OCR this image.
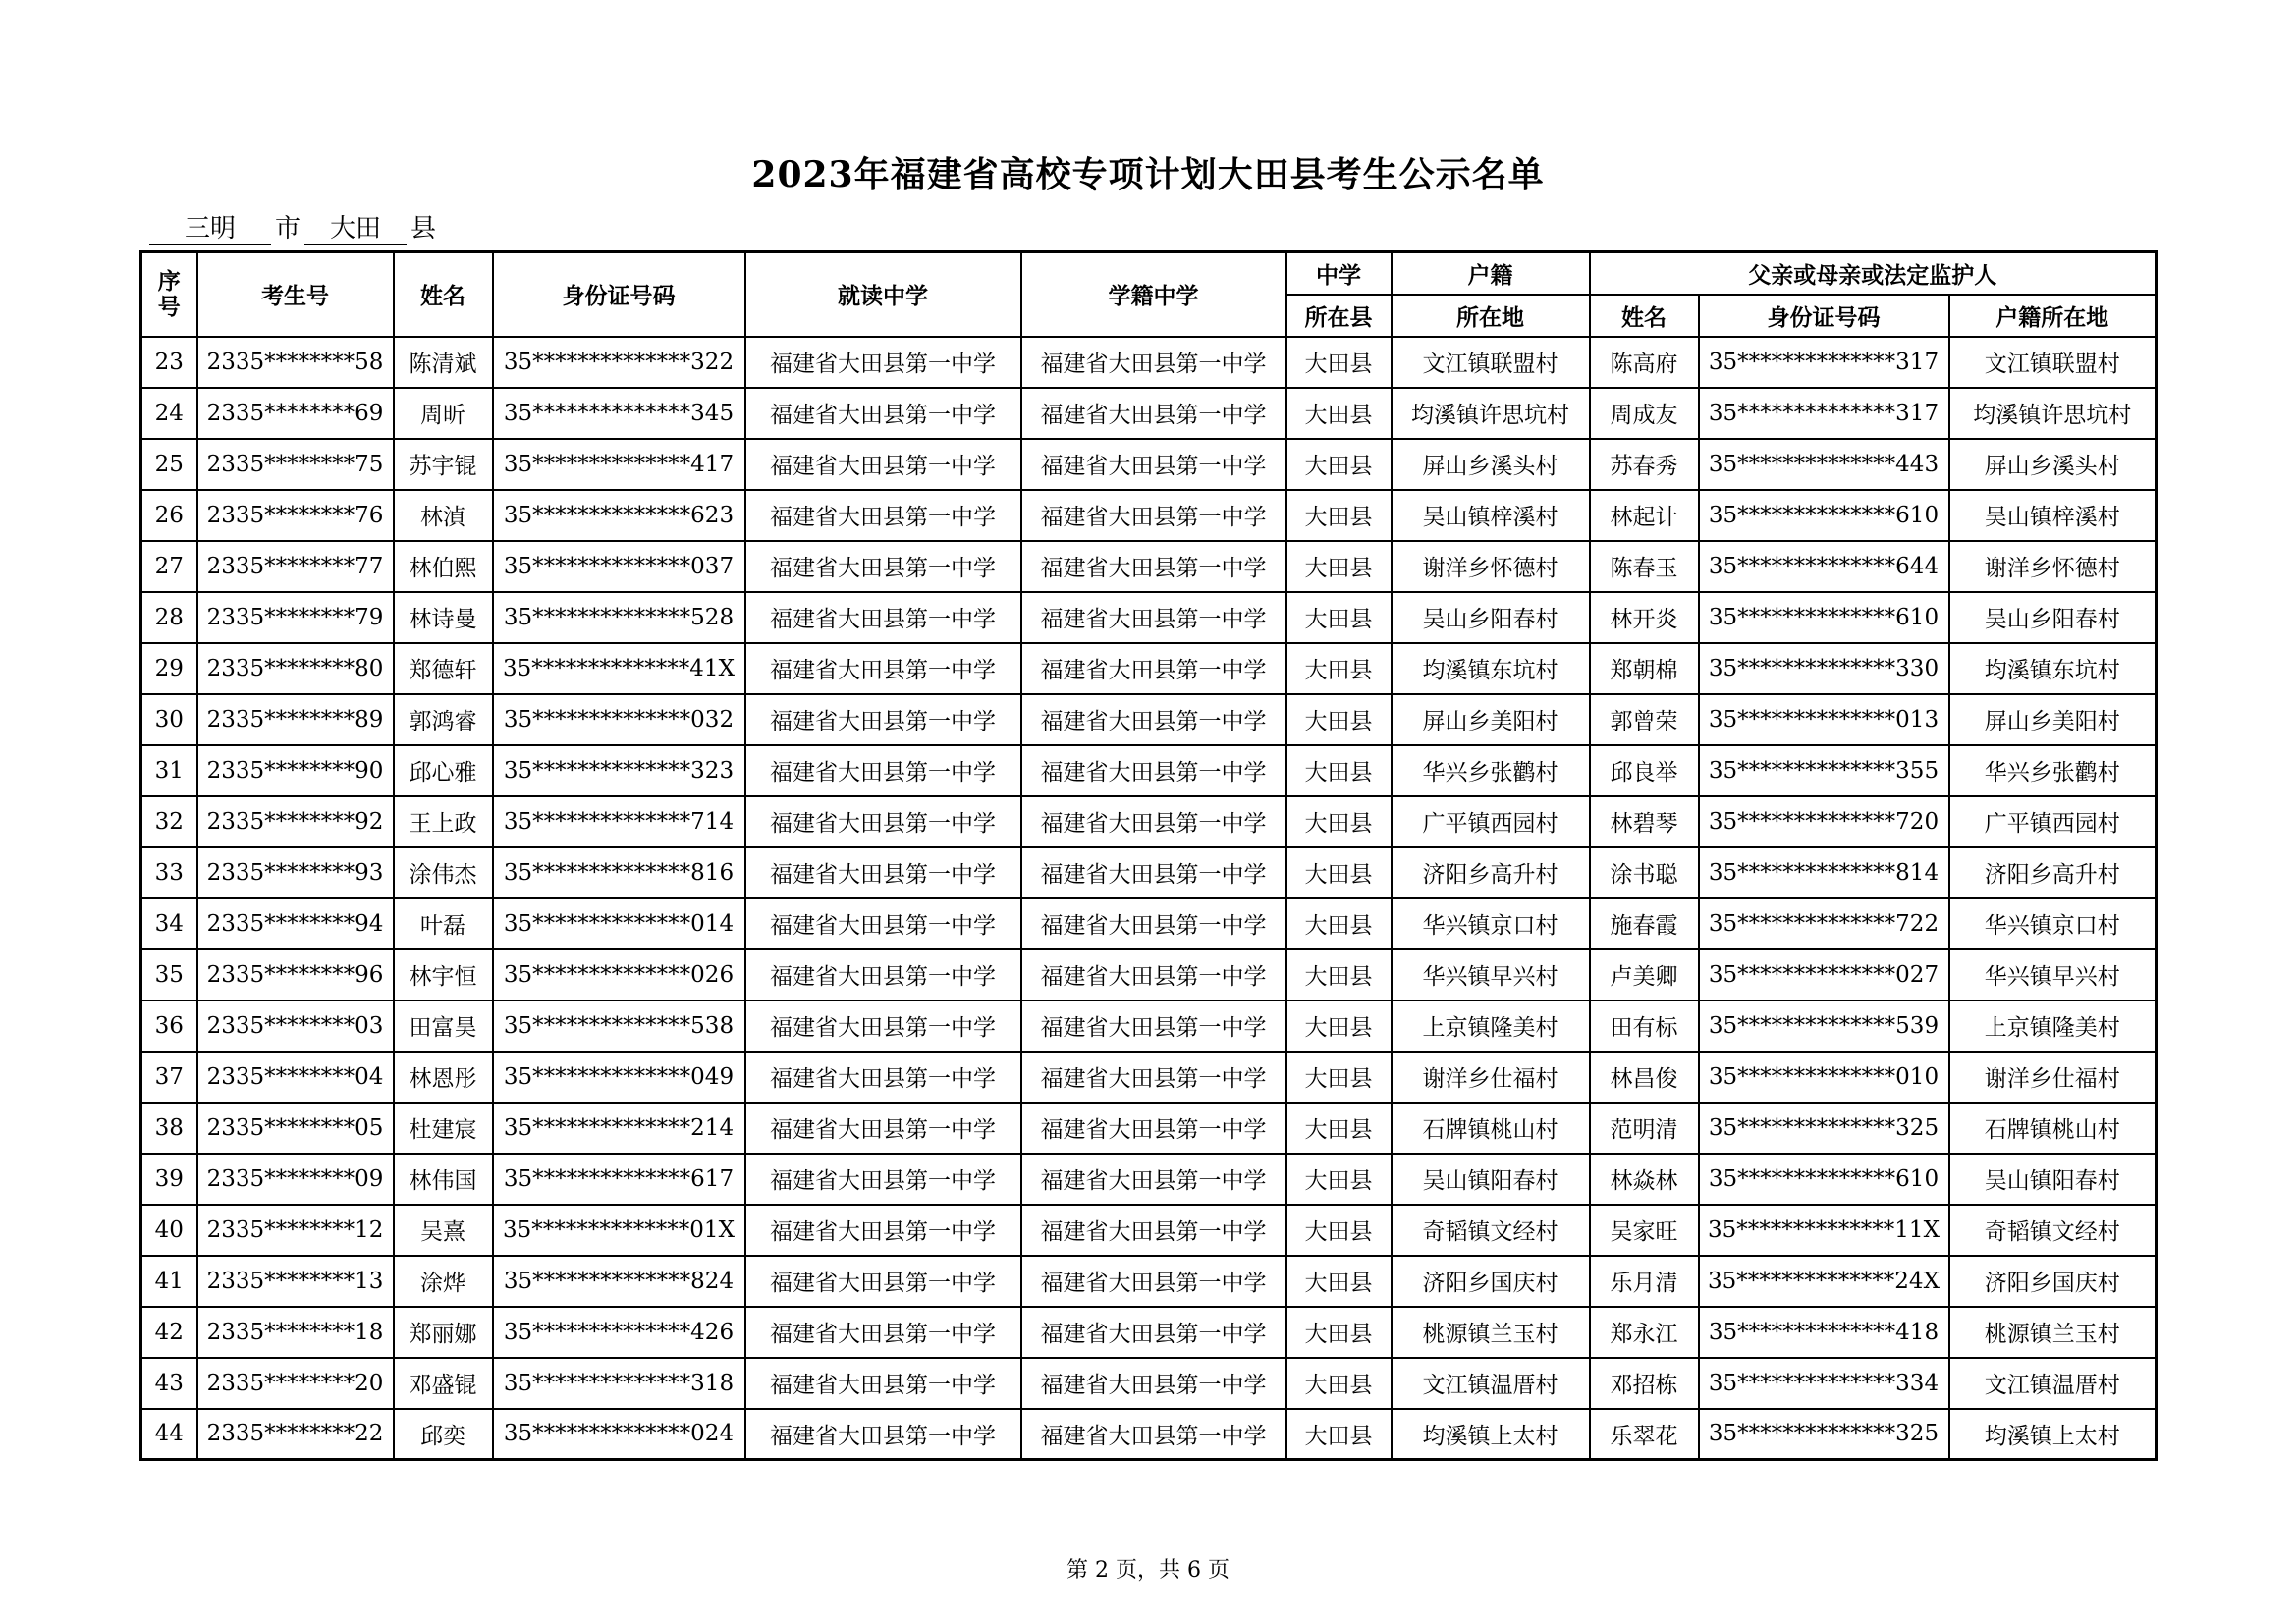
2023年福建省高校专项计划大田县考生公示名单
三明 市 大田 县
序
号	考生号	姓名	身份证号码	就读中学	学籍中学	中学	户籍	父亲或母亲或法定监护人		
						所在县	所在地	姓名	身份证号码	户籍所在地
23	2335********58	陈清斌	35**************322	福建省大田县第一中学	福建省大田县第一中学	大田县	文江镇联盟村	陈高府	35**************317	文江镇联盟村
24	2335********69	周昕	35**************345	福建省大田县第一中学	福建省大田县第一中学	大田县	均溪镇许思坑村	周成友	35**************317	均溪镇许思坑村
25	2335********75	苏宇锟	35**************417	福建省大田县第一中学	福建省大田县第一中学	大田县	屏山乡溪头村	苏春秀	35**************443	屏山乡溪头村
26	2335********76	林湞	35**************623	福建省大田县第一中学	福建省大田县第一中学	大田县	吴山镇梓溪村	林起计	35**************610	吴山镇梓溪村
27	2335********77	林伯熙	35**************037	福建省大田县第一中学	福建省大田县第一中学	大田县	谢洋乡怀德村	陈春玉	35**************644	谢洋乡怀德村
28	2335********79	林诗曼	35**************528	福建省大田县第一中学	福建省大田县第一中学	大田县	吴山乡阳春村	林开炎	35**************610	吴山乡阳春村
29	2335********80	郑德轩	35**************41X	福建省大田县第一中学	福建省大田县第一中学	大田县	均溪镇东坑村	郑朝棉	35**************330	均溪镇东坑村
30	2335********89	郭鸿睿	35**************032	福建省大田县第一中学	福建省大田县第一中学	大田县	屏山乡美阳村	郭曾荣	35**************013	屏山乡美阳村
31	2335********90	邱心雅	35**************323	福建省大田县第一中学	福建省大田县第一中学	大田县	华兴乡张鹳村	邱良举	35**************355	华兴乡张鹳村
32	2335********92	王上政	35**************714	福建省大田县第一中学	福建省大田县第一中学	大田县	广平镇西园村	林碧琴	35**************720	广平镇西园村
33	2335********93	涂伟杰	35**************816	福建省大田县第一中学	福建省大田县第一中学	大田县	济阳乡高升村	涂书聪	35**************814	济阳乡高升村
34	2335********94	叶磊	35**************014	福建省大田县第一中学	福建省大田县第一中学	大田县	华兴镇京口村	施春霞	35**************722	华兴镇京口村
35	2335********96	林宇恒	35**************026	福建省大田县第一中学	福建省大田县第一中学	大田县	华兴镇早兴村	卢美卿	35**************027	华兴镇早兴村
36	2335********03	田富昊	35**************538	福建省大田县第一中学	福建省大田县第一中学	大田县	上京镇隆美村	田有标	35**************539	上京镇隆美村
37	2335********04	林恩彤	35**************049	福建省大田县第一中学	福建省大田县第一中学	大田县	谢洋乡仕福村	林昌俊	35**************010	谢洋乡仕福村
38	2335********05	杜建宸	35**************214	福建省大田县第一中学	福建省大田县第一中学	大田县	石牌镇桃山村	范明清	35**************325	石牌镇桃山村
39	2335********09	林伟国	35**************617	福建省大田县第一中学	福建省大田县第一中学	大田县	吴山镇阳春村	林焱林	35**************610	吴山镇阳春村
40	2335********12	吴熹	35**************01X	福建省大田县第一中学	福建省大田县第一中学	大田县	奇韬镇文经村	吴家旺	35**************11X	奇韬镇文经村
41	2335********13	涂烨	35**************824	福建省大田县第一中学	福建省大田县第一中学	大田县	济阳乡国庆村	乐月清	35**************24X	济阳乡国庆村
42	2335********18	郑丽娜	35**************426	福建省大田县第一中学	福建省大田县第一中学	大田县	桃源镇兰玉村	郑永江	35**************418	桃源镇兰玉村
43	2335********20	邓盛锟	35**************318	福建省大田县第一中学	福建省大田县第一中学	大田县	文江镇温厝村	邓招栋	35**************334	文江镇温厝村
44	2335********22	邱奕	35**************024	福建省大田县第一中学	福建省大田县第一中学	大田县	均溪镇上太村	乐翠花	35**************325	均溪镇上太村
第 2 页，共 6 页
